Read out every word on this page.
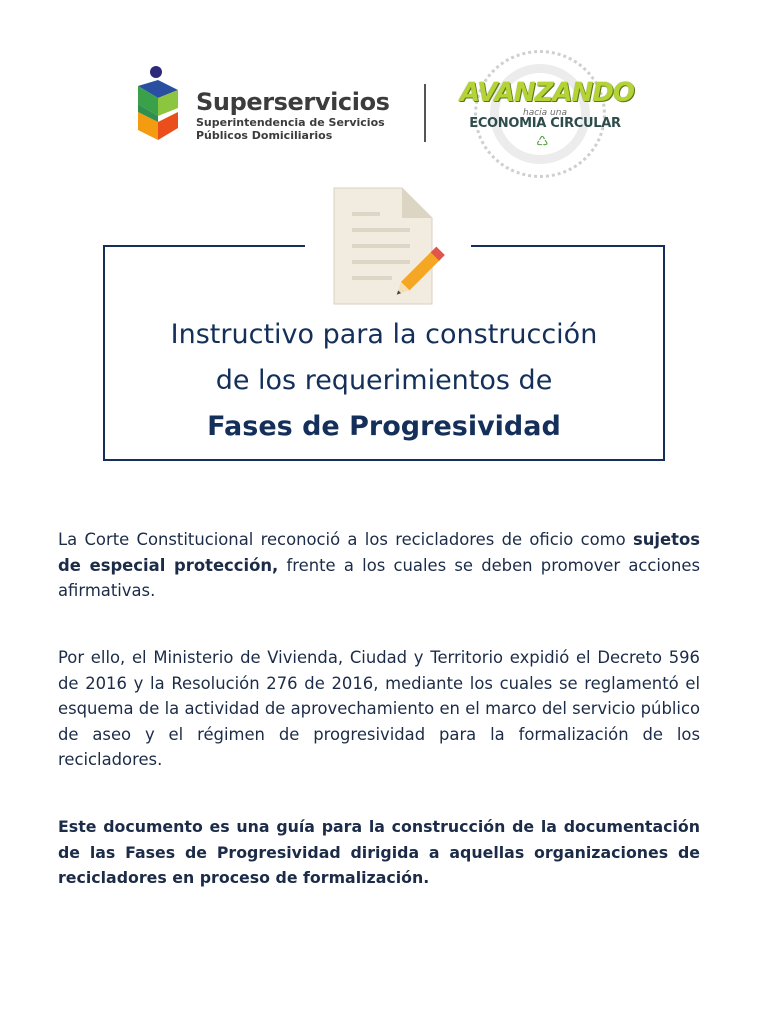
Superservicios
Superintendencia de Servicios
Públicos Domiciliarios
AVANZANDO
hacia una
ECONOMIA CIRCULAR
♺
Instructivo para la construcción
de los requerimientos de
Fases de Progresividad
La Corte Constitucional reconoció a los recicladores de oficio como sujetos de especial protección, frente a los cuales se deben promover acciones afirmativas.
Por ello, el Ministerio de Vivienda, Ciudad y Territorio expidió el Decreto 596 de 2016 y la Resolución 276 de 2016, mediante los cuales se reglamentó el esquema de la actividad de aprovechamiento en el marco del servicio público de aseo y el régimen de progresividad para la formalización de los recicladores.
Este documento es una guía para la construcción de la documentación de las Fases de Progresividad dirigida a aquellas organizaciones de recicladores en proceso de formalización.
